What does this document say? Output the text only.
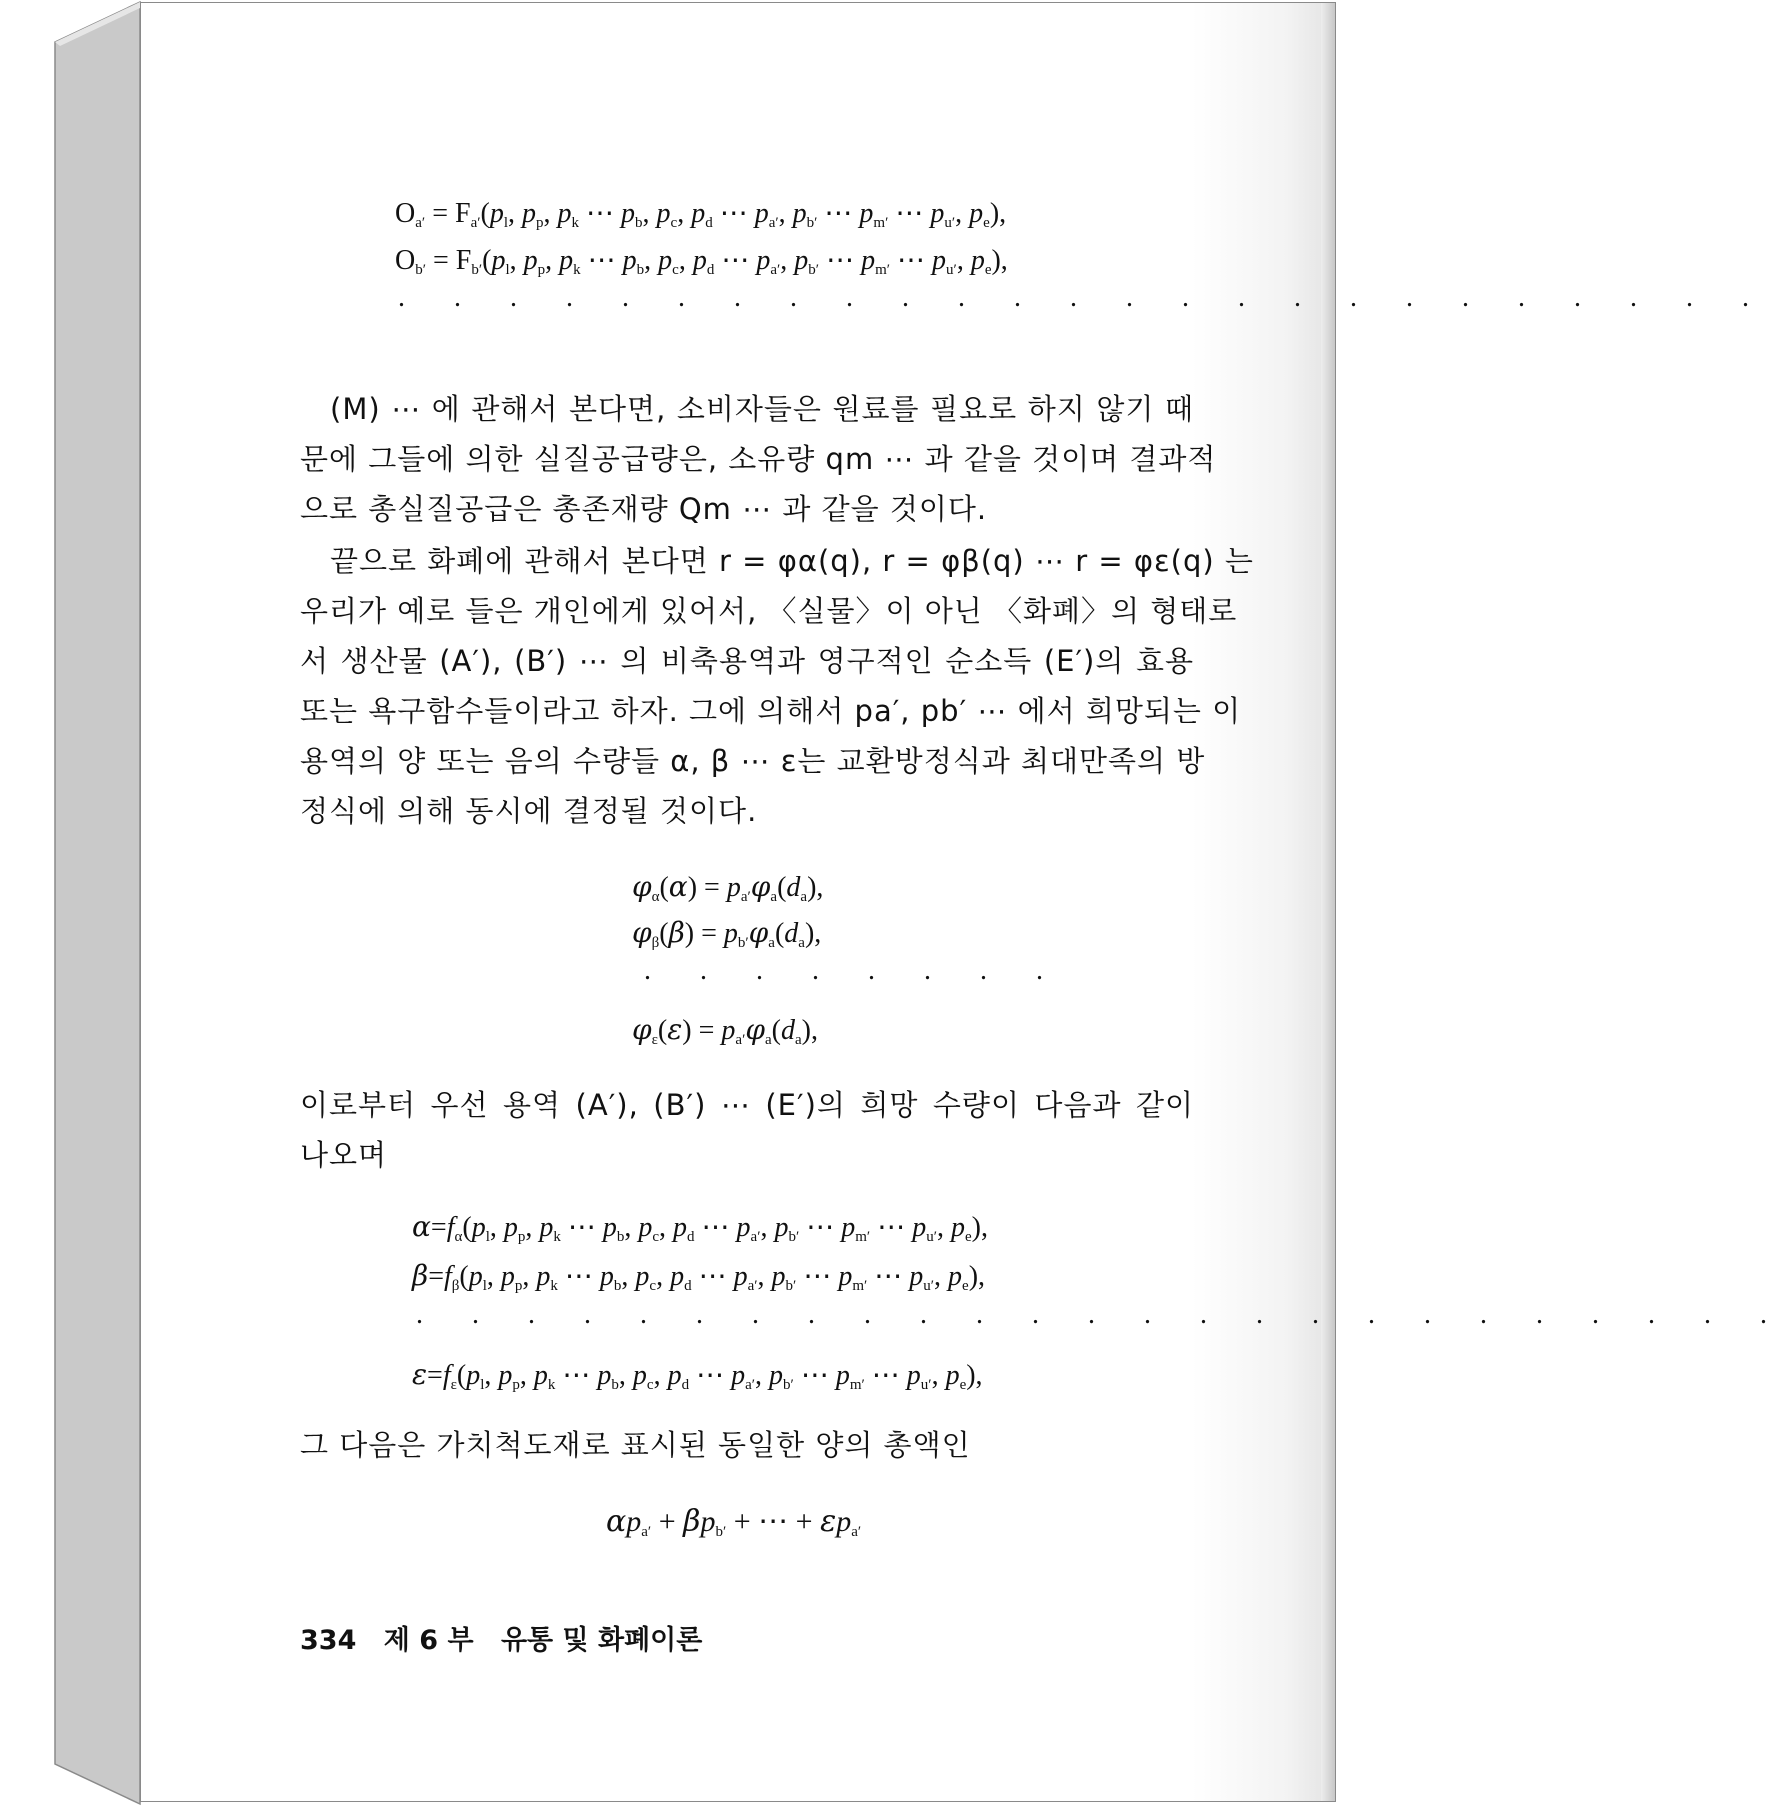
$O_{a'} = F_{a'}(p_l$, $p_p$, $p_k$ ⋯ $p_b$, $p_c$, $p_d$ ⋯ $p_{a'}$, $p_{b'}$ ⋯ $p_{m'}$ ⋯ $p_{u'}$, $p_e$),
$O_{b'} = F_{b'}(p_l$, $p_p$, $p_k$ ⋯ $p_b$, $p_c$, $p_d$ ⋯ $p_{a'}$, $p_{b'}$ ⋯ $p_{m'}$ ⋯ $p_{u'}$, $p_e$),
. . . . . . . . . . . . . . . . . . . . . . . . .
(M) ⋯ 에 관해서 본다면, 소비자들은 원료를 필요로 하지 않기 때
문에 그들에 의한 실질공급량은, 소유량 qm ⋯ 과 같을 것이며 결과적
으로 총실질공급은 총존재량 Qm ⋯ 과 같을 것이다.
끝으로 화폐에 관해서 본다면 r = φα(q), r = φβ(q) ⋯ r = φε(q) 는
우리가 예로 들은 개인에게 있어서, 〈실물〉이 아닌 〈화폐〉의 형태로
서 생산물 (A′), (B′) ⋯ 의 비축용역과 영구적인 순소득 (E′)의 효용
또는 욕구함수들이라고 하자. 그에 의해서 pa′, pb′ ⋯ 에서 희망되는 이
용역의 양 또는 음의 수량들 α, β ⋯ ε는 교환방정식과 최대만족의 방
정식에 의해 동시에 결정될 것이다.
$\varphi_\alpha(\alpha) = p_{a'}\varphi_a(d_a)$,
$\varphi_\beta(\beta) = p_{b'}\varphi_a(d_a)$,
. . . . . . . .
$\varphi_\varepsilon(\varepsilon) = p_{a'}\varphi_a(d_a)$,
이로부터 우선 용역 (A′), (B′) ⋯ (E′)의 희망 수량이 다음과 같이
나오며
$\alpha=f_\alpha(p_l$, $p_p$, $p_k$ ⋯ $p_b$, $p_c$, $p_d$ ⋯ $p_{a'}$, $p_{b'}$ ⋯ $p_{m'}$ ⋯ $p_{u'}$, $p_e$),
$\beta=f_\beta(p_l$, $p_p$, $p_k$ ⋯ $p_b$, $p_c$, $p_d$ ⋯ $p_{a'}$, $p_{b'}$ ⋯ $p_{m'}$ ⋯ $p_{u'}$, $p_e$),
. . . . . . . . . . . . . . . . . . . . . . . . .
$\varepsilon=f_\varepsilon(p_l$, $p_p$, $p_k$ ⋯ $p_b$, $p_c$, $p_d$ ⋯ $p_{a'}$, $p_{b'}$ ⋯ $p_{m'}$ ⋯ $p_{u'}$, $p_e$),
그 다음은 가치척도재로 표시된 동일한 양의 총액인
$\alpha p_{a'} + \beta p_{b'}$ + ⋯ + $\varepsilon p_{a'}$
334 제 6 부 유통 및 화폐이론
